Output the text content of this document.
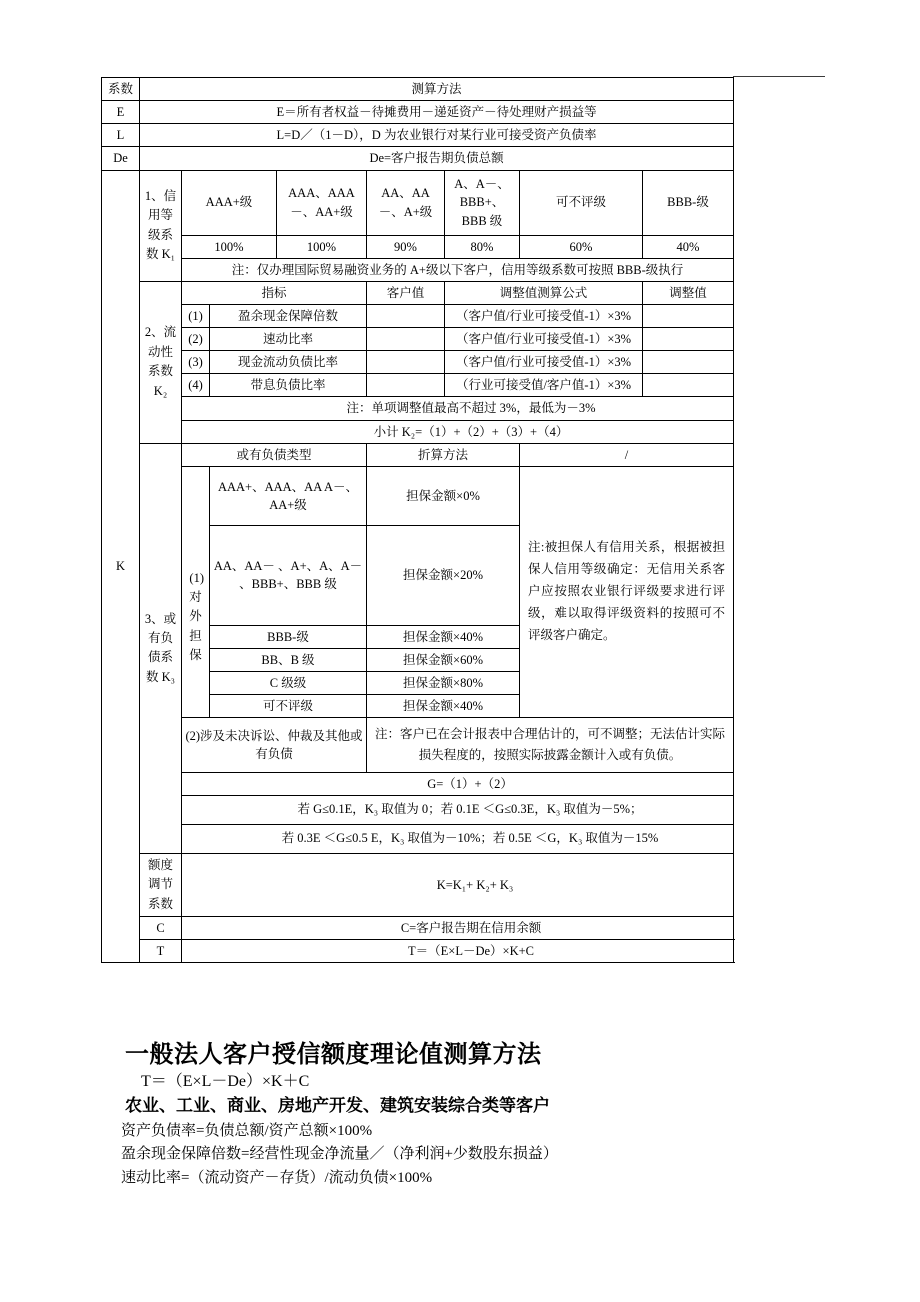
系数	测算方法							
E	E＝所有者权益－待摊费用－递延资产－待处理财产损益等							
L	L=D／（1－D），D 为农业银行对某行业可接受资产负债率							
De	De=客户报告期负债总额							
K	1、信
用等
级系
数 K₁	AAA+级		AAA、AAA－、AA+级	AA、AA－、A+级	A、A－、BBB+、BBB 级	可不评级	BBB-级
		100%		100%	90%	80%	60%	40%
		注：仅办理国际贸易融资业务的 A+级以下客户，信用等级系数可按照 BBB-级执行						

	2、流
动性
系数
K₂	指标			客户值	调整值测算公式		调整值
		(1)	盈余现金保障倍数			（客户值/行业可接受值-1）×3%		
		(2)	速动比率			（客户值/行业可接受值-1）×3%		
		(3)	现金流动负债比率			（客户值/行业可接受值-1）×3%		
		(4)	带息负债比率			（行业可接受值/客户值-1）×3%		
		注：单项调整值最高不超过 3%，最低为－3%						
		小计 K₂=（1）+（2）+（3）+（4）						

	3、或
有负
债系
数 K₃	或有负债类型			折算方法		/	

		(1)
对外
担保	AAA+、AAA、AA A－、AA+级		担保金额×0%		注:被担保人有信用关系，根据被担保人信用等级确定：无信用关系客户应按照农业银行评级要求进行评级，难以取得评级资料的按照可不评级客户确定。	
			AA、AA－ 、A+、A、A－ 、BBB+、BBB 级		担保金额×20%			
			BBB-级		担保金额×40%			
			BB、B 级		担保金额×60%			
			C 级级		担保金额×80%			
			可不评级		担保金额×40%			
		(2)涉及未决诉讼、仲裁及其他或有负债			注：客户已在会计报表中合理估计的，可不调整；无法估计实际损失程度的，按照实际披露金额计入或有负债。			
		G=（1）+（2）						
		若 G≤0.1E，K₃ 取值为 0；若 0.1E ＜G≤0.3E，K₃ 取值为－5%；						
		若 0.3E ＜G≤0.5 E，K₃ 取值为－10%；若 0.5E ＜G，K₃ 取值为－15%						

	额度
调节
系数	K=K₁+ K₂+ K₃						
	C	C=客户报告期在信用余额						
	T	T＝（E×L－De）×K+C						
一般法人客户授信额度理论值测算方法
T＝（E×L－De）×K＋C
农业、工业、商业、房地产开发、建筑安装综合类等客户
资产负债率=负债总额/资产总额×100%
盈余现金保障倍数=经营性现金净流量／（净利润+少数股东损益）
速动比率=（流动资产－存货）/流动负债×100%
